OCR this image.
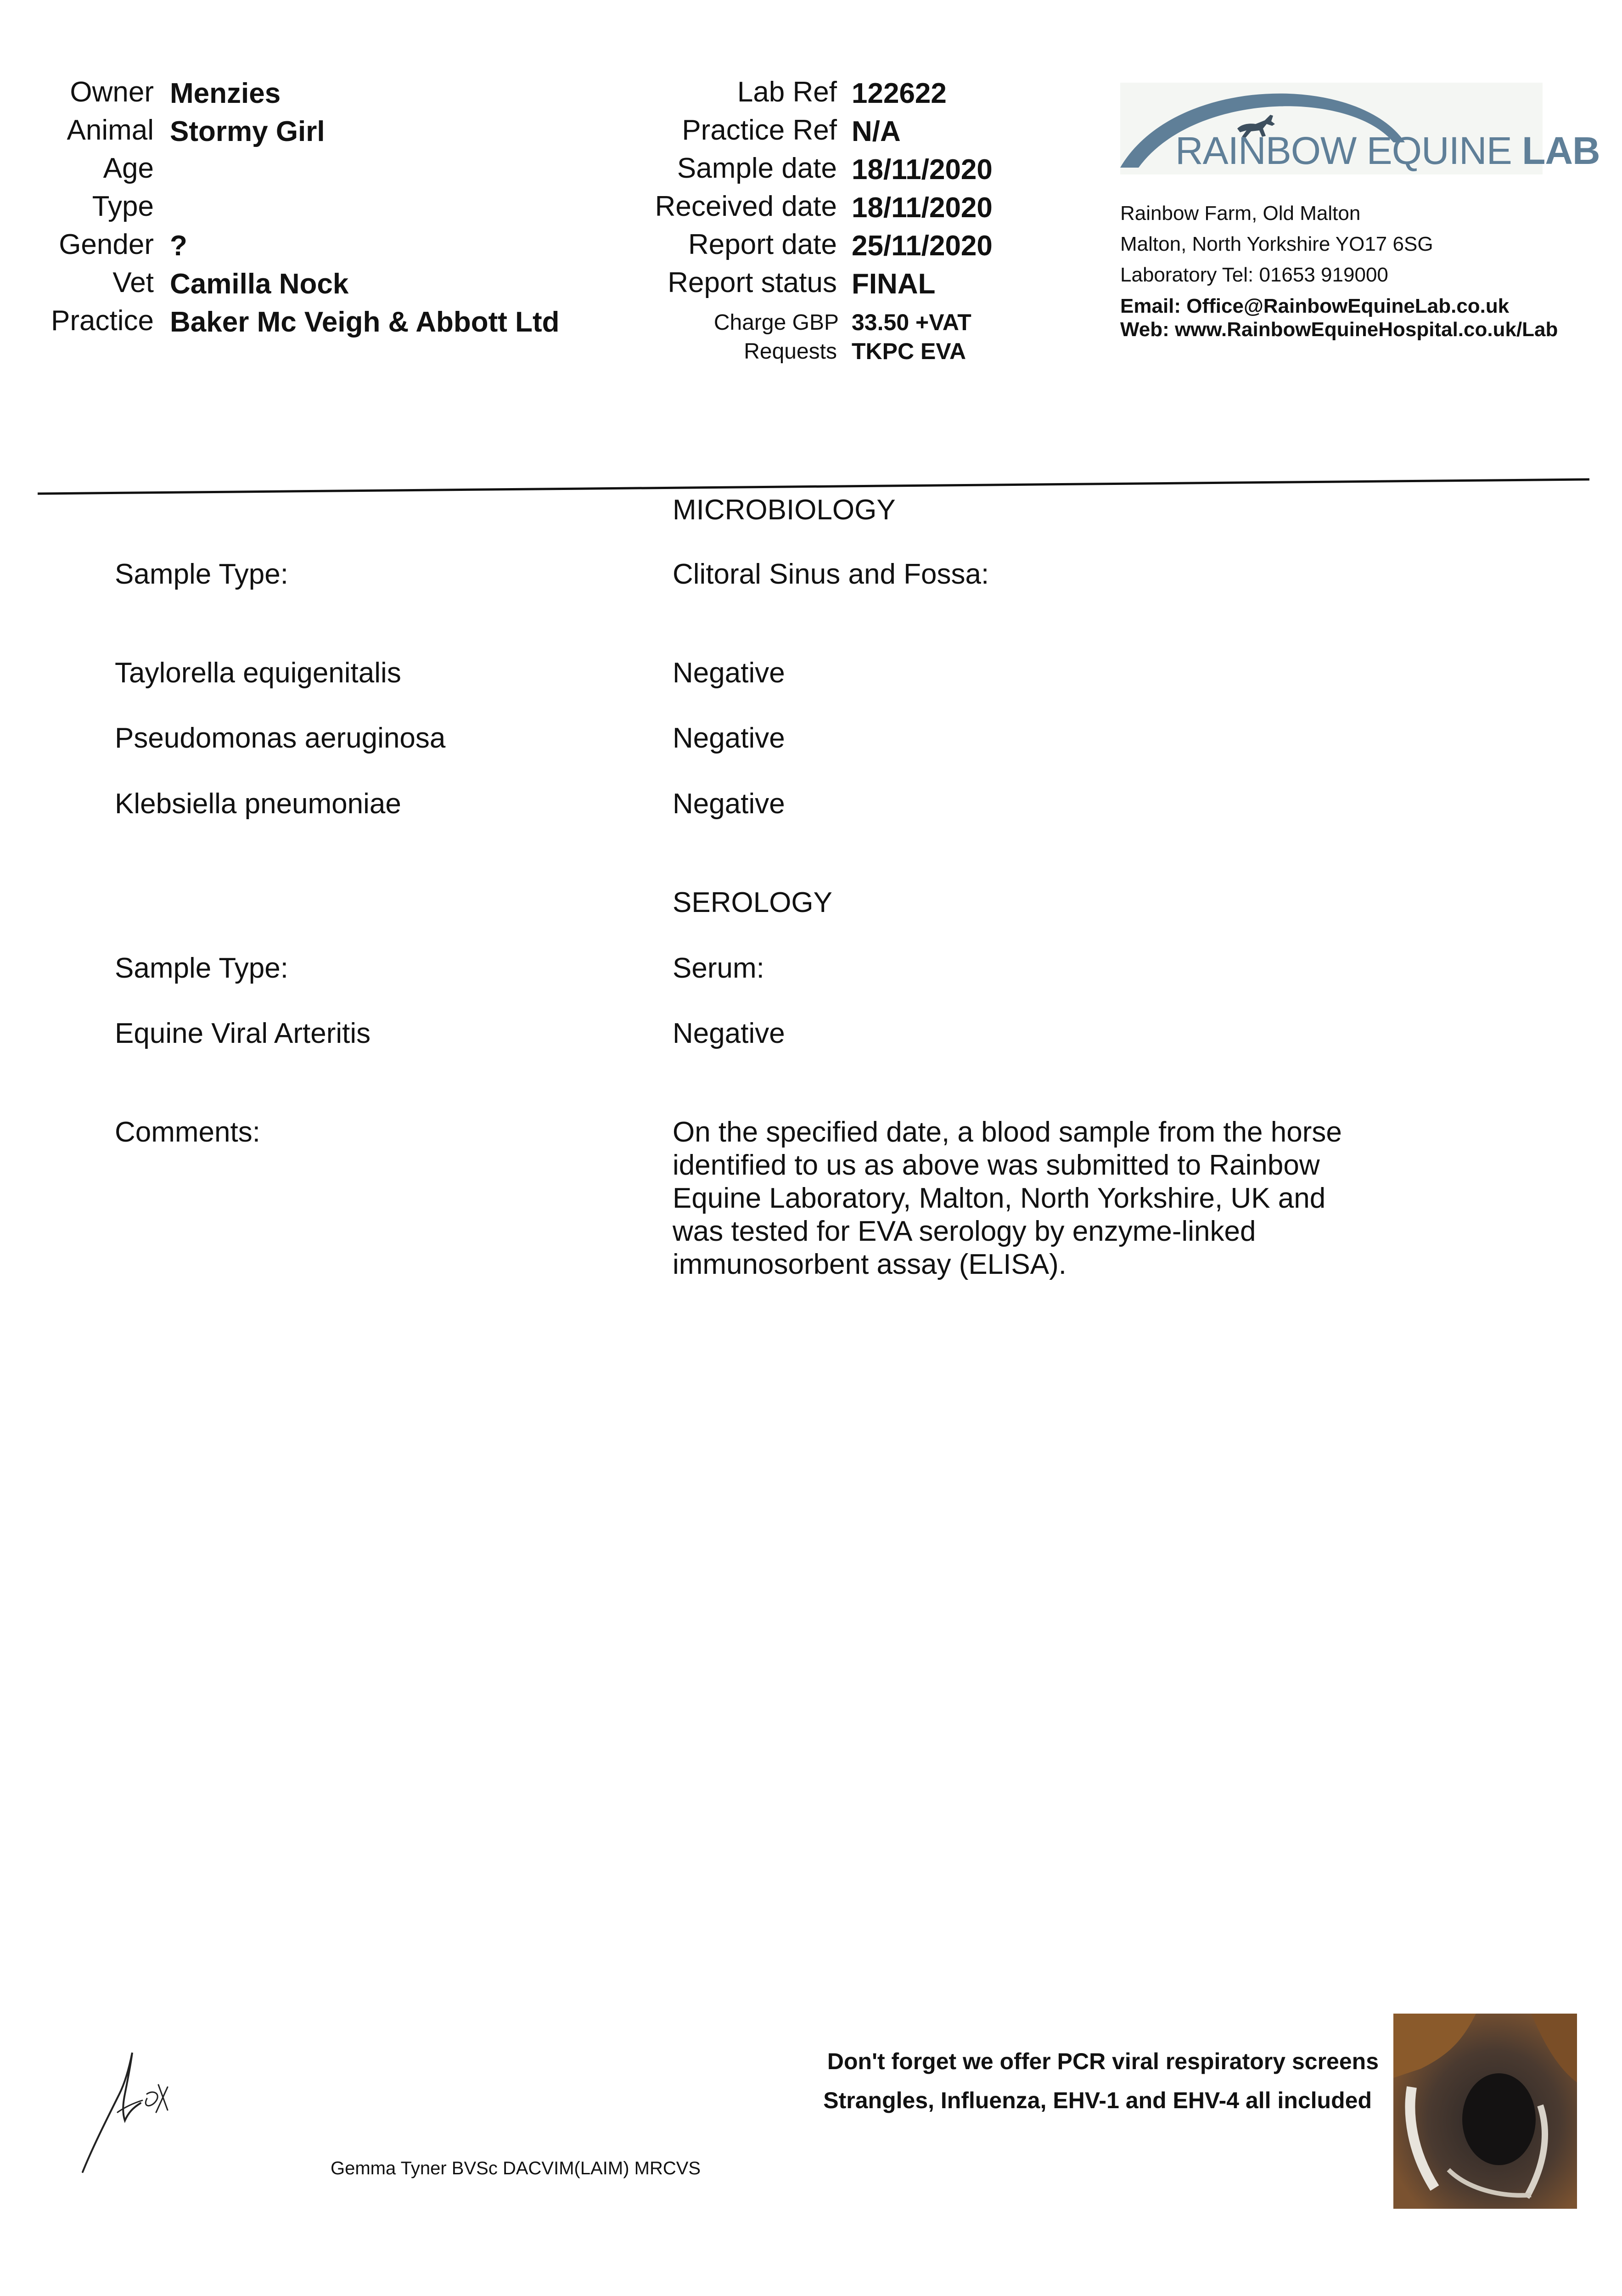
Owner Menzies
Animal Stormy Girl
Age
Type
Gender ?
Vet Camilla Nock
Practice Baker Mc Veigh & Abbott Ltd
Lab Ref 122622
Practice Ref N/A
Sample date 18/11/2020
Received date 18/11/2020
Report date 25/11/2020
Report status FINAL
Charge GBP 33.50 +VAT
Requests TKPC EVA
RAINBOW EQUINE LAB
Rainbow Farm, Old Malton
Malton, North Yorkshire YO17 6SG
Laboratory Tel: 01653 919000
Email: Office@RainbowEquineLab.co.uk
Web: www.RainbowEquineHospital.co.uk/Lab
MICROBIOLOGY
Sample Type:	Clitoral Sinus and Fossa:
Taylorella equigenitalis	Negative
Pseudomonas aeruginosa	Negative
Klebsiella pneumoniae	Negative
SEROLOGY
Sample Type:	Serum:
Equine Viral Arteritis	Negative
Comments:	On the specified date, a blood sample from the horse
identified to us as above was submitted to Rainbow
Equine Laboratory, Malton, North Yorkshire, UK and
was tested for EVA serology by enzyme-linked
immunosorbent assay (ELISA).
Gemma Tyner BVSc DACVIM(LAIM) MRCVS
Don't forget we offer PCR viral respiratory screens
Strangles, Influenza, EHV-1 and EHV-4 all included
